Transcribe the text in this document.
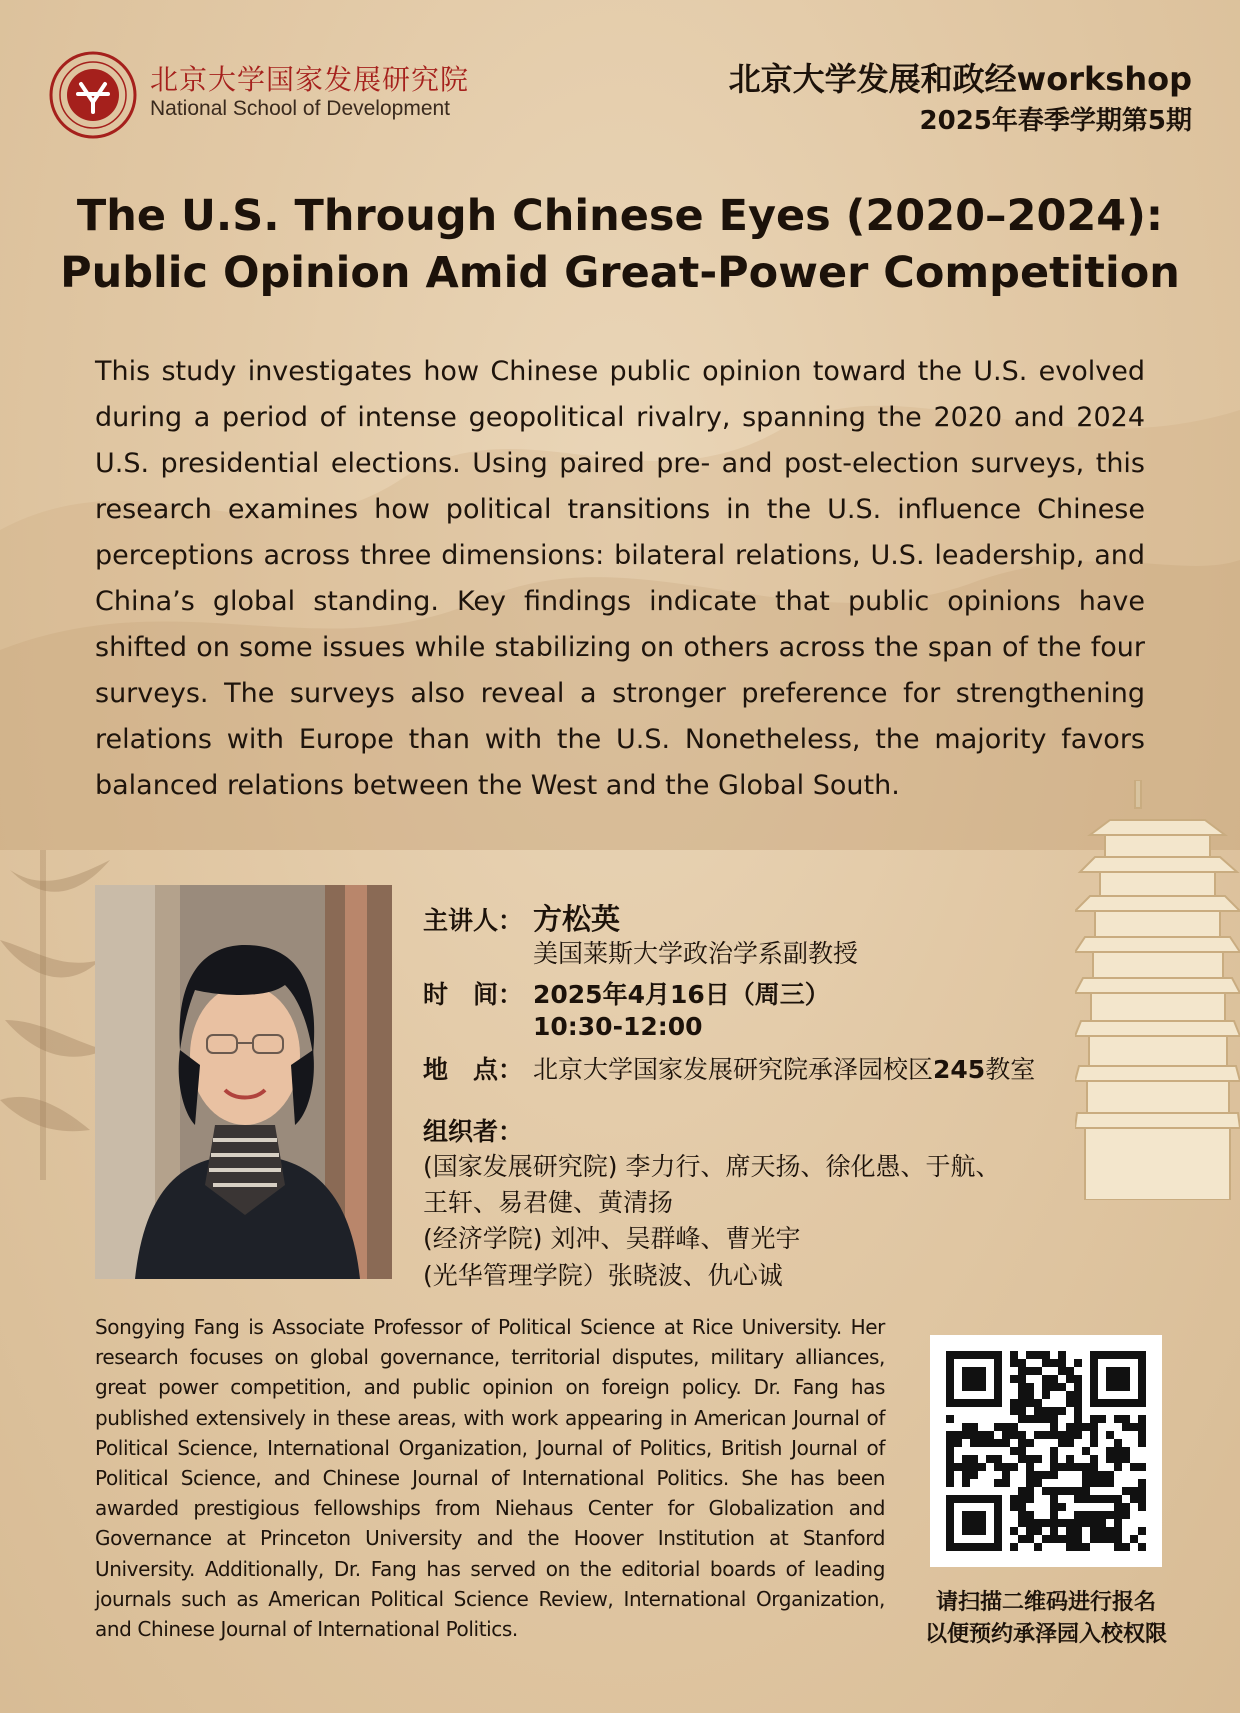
北京大学国家发展研究院
National School of Development
北京大学发展和政经workshop
2025年春季学期第5期
The U.S. Through Chinese Eyes (2020–2024):
Public Opinion Amid Great-Power Competition
This study investigates how Chinese public opinion toward the U.S. evolved during a period of intense geopolitical rivalry, spanning the 2020 and 2024 U.S. presidential elections. Using paired pre- and post-election surveys, this research examines how political transitions in the U.S. influence Chinese perceptions across three dimensions: bilateral relations, U.S. leadership, and China’s global standing. Key findings indicate that public opinions have shifted on some issues while stabilizing on others across the span of the four surveys. The surveys also reveal a stronger preference for strengthening relations with Europe than with the U.S. Nonetheless, the majority favors balanced relations between the West and the Global South.
主讲人： 方松英
美国莱斯大学政治学系副教授
时　间： 2025年4月16日（周三）
10:30-12:00
地　点： 北京大学国家发展研究院承泽园校区245教室
组织者：
(国家发展研究院) 李力行、席天扬、徐化愚、于航、
王轩、易君健、黄清扬
(经济学院) 刘冲、吴群峰、曹光宇
(光华管理学院）张晓波、仇心诚
Songying Fang is Associate Professor of Political Science at Rice University. Her research focuses on global governance, territorial disputes, military alliances, great power competition, and public opinion on foreign policy. Dr. Fang has published extensively in these areas, with work appearing in American Journal of Political Science, International Organization, Journal of Politics, British Journal of Political Science, and Chinese Journal of International Politics. She has been awarded prestigious fellowships from Niehaus Center for Globalization and Governance at Princeton University and the Hoover Institution at Stanford University. Additionally, Dr. Fang has served on the editorial boards of leading journals such as American Political Science Review, International Organization, and Chinese Journal of International Politics.
请扫描二维码进行报名
以便预约承泽园入校权限
